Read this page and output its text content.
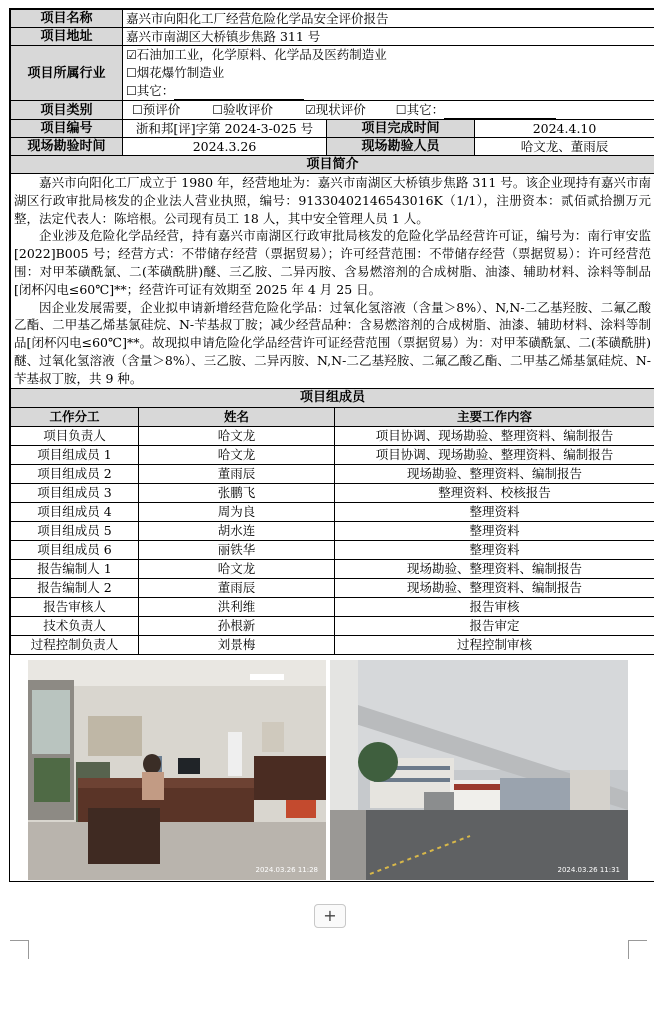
项目名称	嘉兴市向阳化工厂经营危险化学品安全评价报告		
项目地址	嘉兴市南湖区大桥镇步焦路 311 号		
项目所属行业	☑石油加工业，化学原料、化学品及医药制造业
☐烟花爆竹制造业
☐其它：		

项目类别	☐预评价 ☐验收评价 ☑现状评价 ☐其它：		
项目编号	浙和邦[评]字第 2024-3-025 号	项目完成时间	2024.4.10
现场勘验时间	2024.3.26	现场勘验人员	哈文龙、董雨辰
项目简介			

嘉兴市向阳化工厂成立于 1980 年，经营地址为：嘉兴市南湖区大桥镇步焦路 311 号。该企业现持有嘉兴市南湖区行政审批局核发的企业法人营业执照，编号：91330402146543016K（1/1），注册资本：贰佰贰拾捌万元整，法定代表人：陈培根。公司现有员工 18 人，其中安全管理人员 1 人。

企业涉及危险化学品经营，持有嘉兴市南湖区行政审批局核发的危险化学品经营许可证，编号为：南行审安监[2022]B005 号；经营方式：不带储存经营（票据贸易）；许可经营范围：不带储存经营（票据贸易）：许可经营范围：对甲苯磺酰氯、二(苯磺酰肼)醚、三乙胺、二异丙胺、含易燃溶剂的合成树脂、油漆、辅助材料、涂料等制品[闭杯闪电≤60℃]**；经营许可证有效期至 2025 年 4 月 25 日。

因企业发展需要，企业拟申请新增经营危险化学品：过氧化氢溶液（含量＞8%）、N,N-二乙基羟胺、二氟乙酸乙酯、二甲基乙烯基氯硅烷、N-苄基叔丁胺；减少经营品种：含易燃溶剂的合成树脂、油漆、辅助材料、涂料等制品[闭杯闪电≤60℃]**。故现拟申请危险化学品经营许可证经营范围（票据贸易）为：对甲苯磺酰氯、二(苯磺酰肼)醚、过氧化氢溶液（含量＞8%）、三乙胺、二异丙胺、N,N-二乙基羟胺、二氟乙酸乙酯、二甲基乙烯基氯硅烷、N-苄基叔丁胺，共 9 种。			

项目组成员		
工作分工	姓名	主要工作内容
项目负责人	哈文龙	项目协调、现场勘验、整理资料、编制报告
项目组成员 1	哈文龙	项目协调、现场勘验、整理资料、编制报告
项目组成员 2	董雨辰	现场勘验、整理资料、编制报告
项目组成员 3	张鹏飞	整理资料、校核报告
项目组成员 4	周为良	整理资料
项目组成员 5	胡水连	整理资料
项目组成员 6	丽铁华	整理资料
报告编制人 1	哈文龙	现场勘验、整理资料、编制报告
报告编制人 2	董雨辰	现场勘验、整理资料、编制报告
报告审核人	洪利维	报告审核
技术负责人	孙根新	报告审定
过程控制负责人	刘景梅	过程控制审核
2024.03.26 11:28	2024.03.26 11:31
+
